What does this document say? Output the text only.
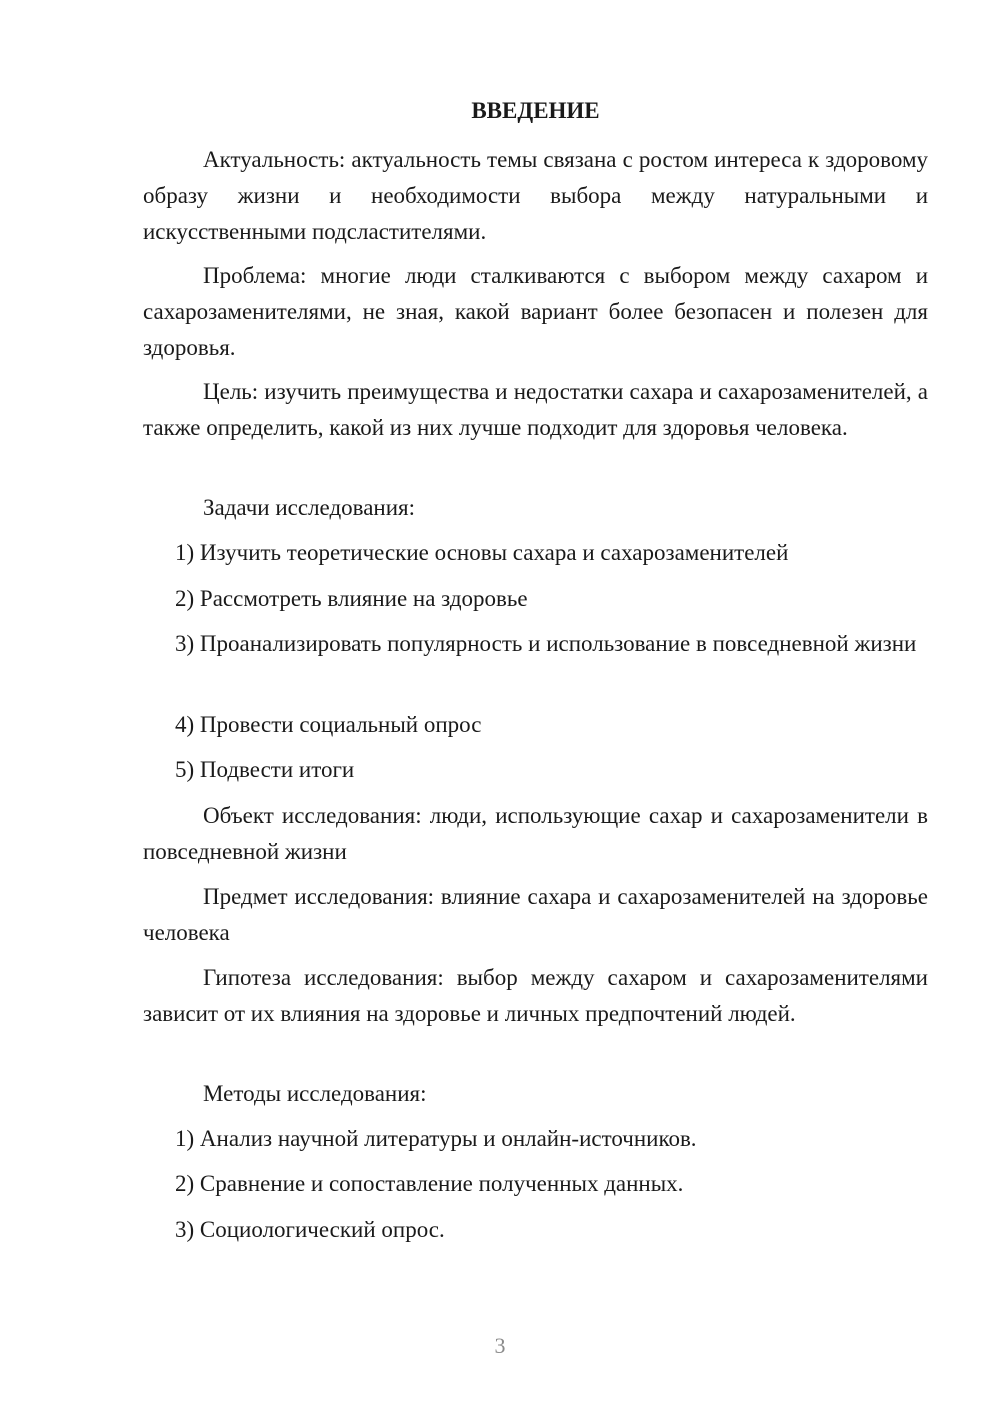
ВВЕДЕНИЕ

Актуальность: актуальность темы связана с ростом интереса к здоровому образу жизни и необходимости выбора между натуральными и искусственными подсластителями.

Проблема: многие люди сталкиваются с выбором между сахаром и сахарозаменителями, не зная, какой вариант более безопасен и полезен для здоровья.

Цель: изучить преимущества и недостатки сахара и сахарозаменителей, а также определить, какой из них лучше подходит для здоровья человека.

Задачи исследования:

1) Изучить теоретические основы сахара и сахарозаменителей

2) Рассмотреть влияние на здоровье

3) Проанализировать популярность и использование в повседневной жизни

4) Провести социальный опрос

5) Подвести итоги

Объект исследования: люди, использующие сахар и сахарозаменители в повседневной жизни

Предмет исследования: влияние сахара и сахарозаменителей на здоровье человека

Гипотеза исследования: выбор между сахаром и сахарозаменителями зависит от их влияния на здоровье и личных предпочтений людей.

Методы исследования:

1) Анализ научной литературы и онлайн-источников.

2) Сравнение и сопоставление полученных данных.

3) Социологический опрос.

3
